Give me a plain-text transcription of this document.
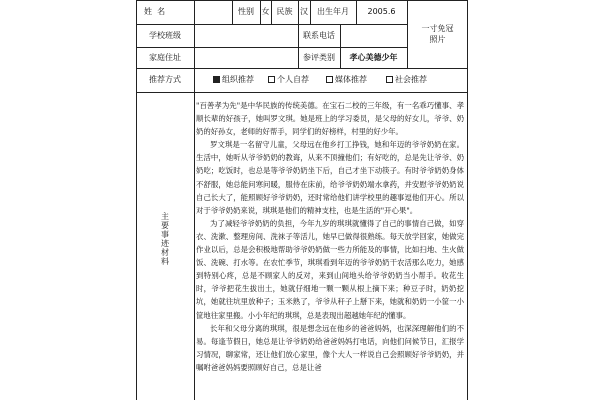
姓  名	性别 女 民族 汉	出生年月	2005.6
一寸免冠
照片
学校班级	联系电话
家庭住址	参评类别	孝心美德少年
推荐方式	组织推荐	个人自荐	媒体推荐	社会推荐
主
要
事
迹
材
料

"百善孝为先"是中华民族的传统美德。在宝石二校的三年级，有一名乖巧懂事、孝顺长辈的好孩子，她叫罗文琪。她是班上的学习委员，是父母的好女儿，爷爷、奶奶的好孙女，老师的好帮手，同学们的好榜样，村里的好少年。

罗文琪是一名留守儿童，父母远在他乡打工挣钱，她和年迈的爷爷奶奶在家。生活中，她听从爷爷奶奶的教诲，从来不顶撞他们；有好吃的，总是先让爷爷、奶奶吃；吃饭时，也总是等爷爷奶奶坐下后，自己才坐下动筷子。有时爷爷奶奶身体不舒服，她总能问寒问暖，服侍在床前，给爷爷奶奶端水拿药，并安慰爷爷奶奶说自己长大了，能照顾好爷爷奶奶，还时常给他们讲学校里的趣事逗他们开心。所以对于爷爷奶奶来说，琪琪是他们的精神支柱，也是生活的"开心果"。

为了减轻爷爷奶奶的负担，今年九岁的琪琪就懂得了自己的事情自己做，如穿衣、洗漱、整理房间、洗袜子等活儿，她早已做得很熟练。每天放学回家，她做完作业以后，总是会积极地帮助爷爷奶奶做一些力所能及的事情，比如扫地、生火做饭、洗碗、打水等。在农忙季节，琪琪看到年迈的爷爷奶奶干农活那么吃力，她感到特别心疼，总是不顾家人的反对，来到山间地头给爷爷奶奶当小帮手。收花生时，爷爷把花生拔出土，她就仔细地一颗一颗从根上摘下来；种豆子时，奶奶挖坑，她就往坑里放种子；玉米熟了，爷爷从秆子上掰下来，她就和奶奶一小筐一小筐地往家里搬。小小年纪的琪琪，总是表现出超越她年纪的懂事。

长年和父母分离的琪琪，很是想念远在他乡的爸爸妈妈，也深深理解他们的不易。每逢节假日，她总是让爷爷奶奶给爸爸妈妈打电话，向他们问候节日，汇报学习情况，聊家常，还让他们放心家里，像个大人一样说自己会照顾好爷爷奶奶，并嘱咐爸爸妈妈要照顾好自己，总是让爸
